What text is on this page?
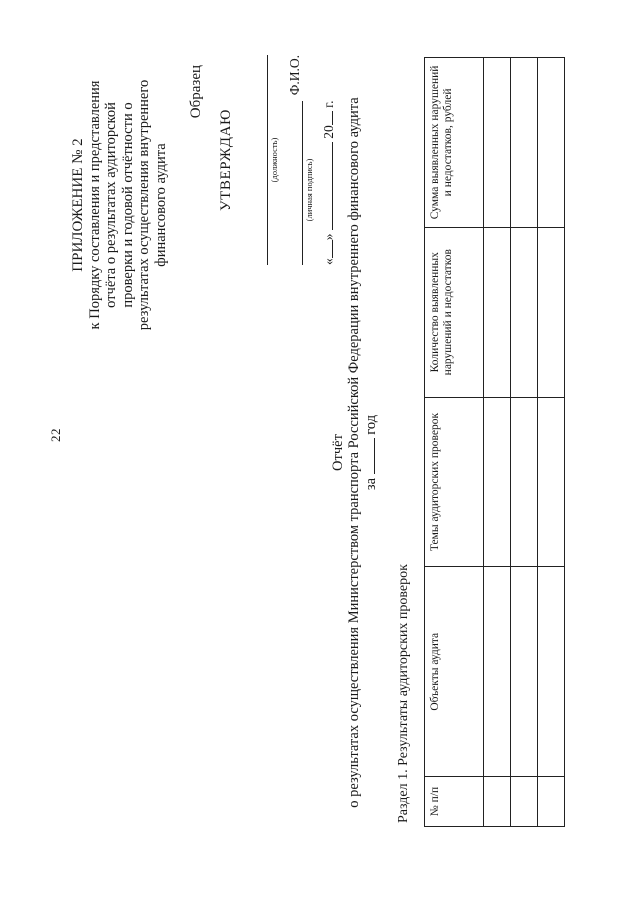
22
ПРИЛОЖЕНИЕ № 2 к Порядку составления и представления отчёта о результатах аудиторской проверки и годовой отчётности о результатах осуществления внутреннего финансового аудита
Образец
УТВЕРЖДАЮ	(должность)
Ф.И.О.
(личная подпись)
«»  20 г.
Отчёт о результатах осуществления Министерством транспорта Российской Федерации внутреннего финансового аудита за  год
Раздел 1. Результаты аудиторских проверок № п/п	Объекты аудита	Темы аудиторских проверок	Количество выявленных нарушений и недостатков	Сумма выявленных нарушений и недостатков, рублей
